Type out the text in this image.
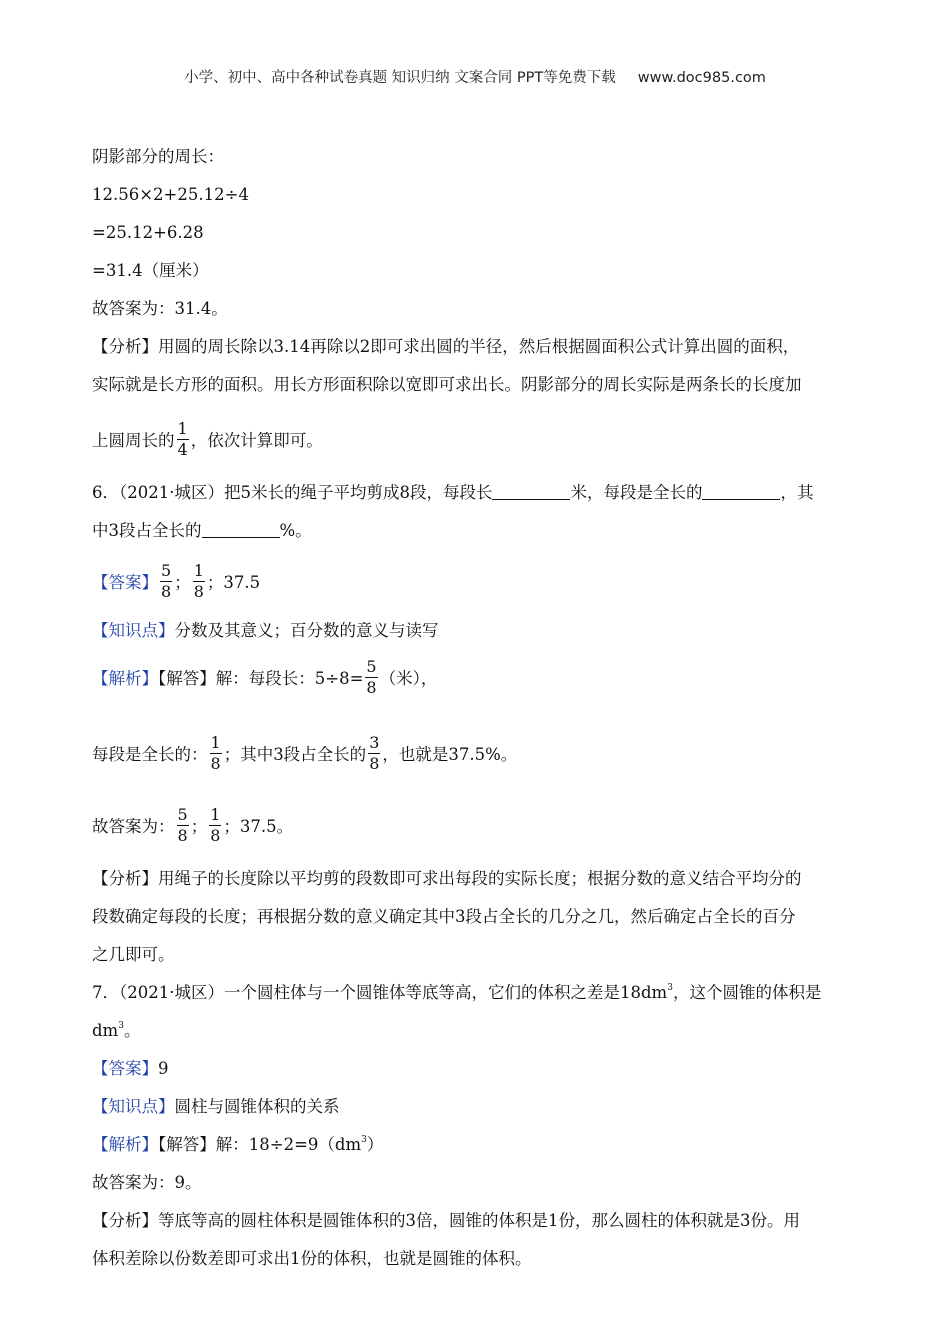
小学、初中、高中各种试卷真题 知识归纳 文案合同 PPT等免费下载 www.doc985.com
阴影部分的周长：
12.56×2+25.12÷4
=25.12+6.28
=31.4（厘米）
故答案为：31.4。
【分析】用圆的周长除以3.14再除以2即可求出圆的半径，然后根据圆面积公式计算出圆的面积，
实际就是长方形的面积。用长方形面积除以宽即可求出长。阴影部分的周长实际是两条长的长度加
上圆周长的 $\frac{1}{4}$ ，依次计算即可。
6．（2021·城区）把5米长的绳子平均剪成8段，每段长	米，每段是全长的	，其
中3段占全长的	%。
【答案】 $\frac{5}{8}$ ； $\frac{1}{8}$ ；37.5
【知识点】分数及其意义；百分数的意义与读写
【解析】【解答】解：每段长：$5\div 8= \frac{5}{8}$ （米），
每段是全长的： $\frac{1}{8}$ ；其中3段占全长的 $\frac{3}{8}$ ，也就是37.5%。
故答案为： $\frac{5}{8}$ ； $\frac{1}{8}$ ；37.5。
【分析】用绳子的长度除以平均剪的段数即可求出每段的实际长度；根据分数的意义结合平均分的
段数确定每段的长度；再根据分数的意义确定其中3段占全长的几分之几，然后确定占全长的百分
之几即可。
7．（2021·城区）一个圆柱体与一个圆锥体等底等高，它们的体积之差是$18dm^3$，这个圆锥的体积是
$dm^3$。
【答案】9
【知识点】圆柱与圆锥体积的关系
【解析】【解答】解：$18\div 2=9(dm^3)$
故答案为：9。
【分析】等底等高的圆柱体积是圆锥体积的3倍，圆锥的体积是1份，那么圆柱的体积就是3份。用
体积差除以份数差即可求出1份的体积，也就是圆锥的体积。
